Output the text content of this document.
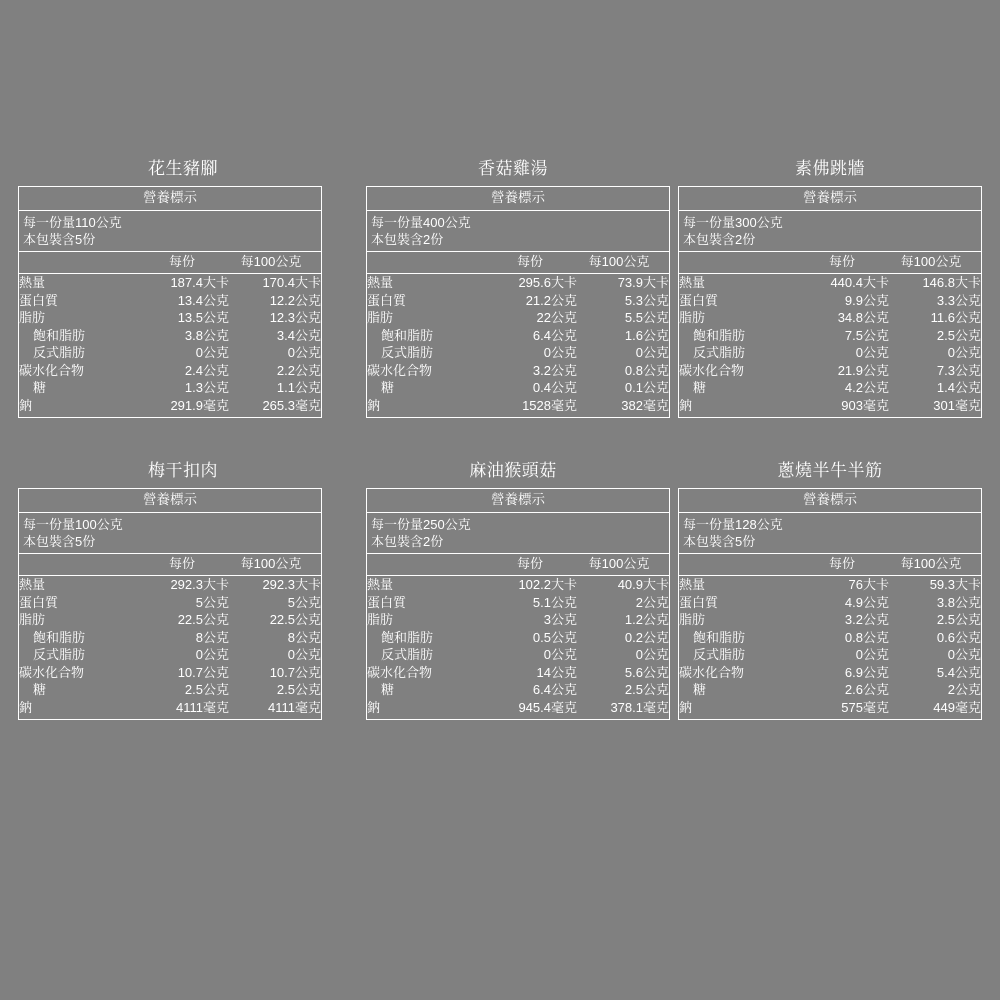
花生豬腳
營養標示
每一份量110公克
本包裝含5份
每份	每100公克
熱量	187.4大卡	170.4大卡
蛋白質	13.4公克	12.2公克
脂肪	13.5公克	12.3公克
飽和脂肪	3.8公克	3.4公克
反式脂肪	0公克	0公克
碳水化合物	2.4公克	2.2公克
糖	1.3公克	1.1公克
鈉	291.9毫克	265.3毫克
香菇雞湯
營養標示
每一份量400公克
本包裝含2份
每份	每100公克
熱量	295.6大卡	73.9大卡
蛋白質	21.2公克	5.3公克
脂肪	22公克	5.5公克
飽和脂肪	6.4公克	1.6公克
反式脂肪	0公克	0公克
碳水化合物	3.2公克	0.8公克
糖	0.4公克	0.1公克
鈉	1528毫克	382毫克
素佛跳牆
營養標示
每一份量300公克
本包裝含2份
每份	每100公克
熱量	440.4大卡	146.8大卡
蛋白質	9.9公克	3.3公克
脂肪	34.8公克	11.6公克
飽和脂肪	7.5公克	2.5公克
反式脂肪	0公克	0公克
碳水化合物	21.9公克	7.3公克
糖	4.2公克	1.4公克
鈉	903毫克	301毫克
梅干扣肉
營養標示
每一份量100公克
本包裝含5份
每份	每100公克
熱量	292.3大卡	292.3大卡
蛋白質	5公克	5公克
脂肪	22.5公克	22.5公克
飽和脂肪	8公克	8公克
反式脂肪	0公克	0公克
碳水化合物	10.7公克	10.7公克
糖	2.5公克	2.5公克
鈉	4111毫克	4111毫克
麻油猴頭菇
營養標示
每一份量250公克
本包裝含2份
每份	每100公克
熱量	102.2大卡	40.9大卡
蛋白質	5.1公克	2公克
脂肪	3公克	1.2公克
飽和脂肪	0.5公克	0.2公克
反式脂肪	0公克	0公克
碳水化合物	14公克	5.6公克
糖	6.4公克	2.5公克
鈉	945.4毫克	378.1毫克
蔥燒半牛半筋
營養標示
每一份量128公克
本包裝含5份
每份	每100公克
熱量	76大卡	59.3大卡
蛋白質	4.9公克	3.8公克
脂肪	3.2公克	2.5公克
飽和脂肪	0.8公克	0.6公克
反式脂肪	0公克	0公克
碳水化合物	6.9公克	5.4公克
糖	2.6公克	2公克
鈉	575毫克	449毫克
